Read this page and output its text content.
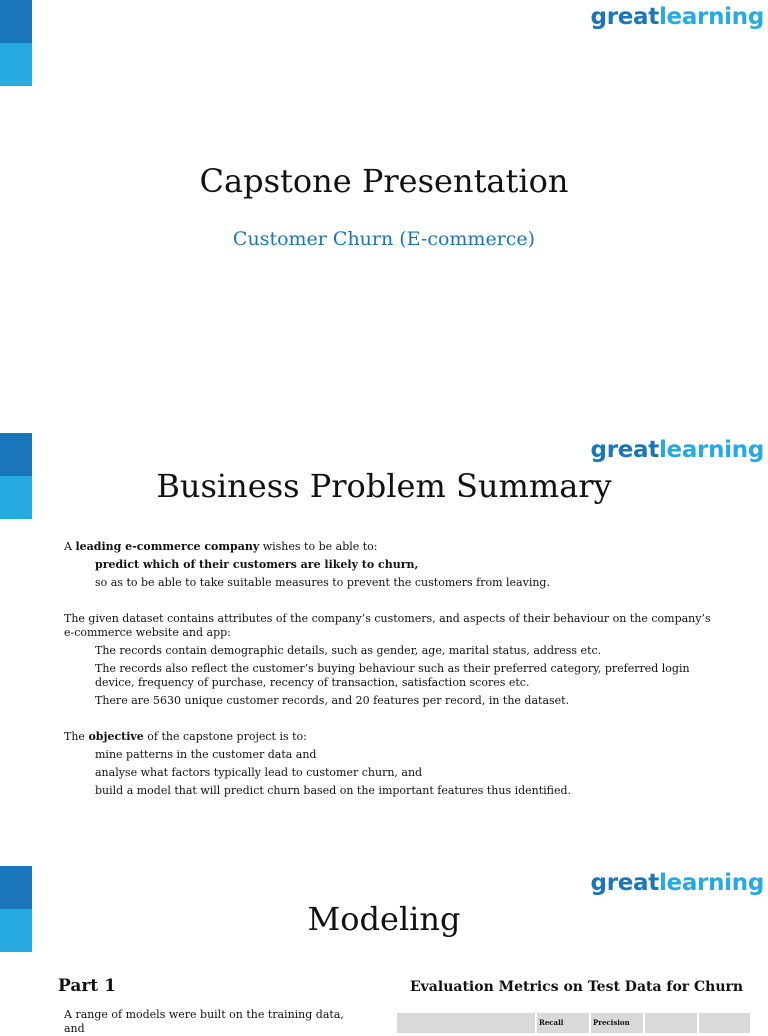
greatlearning
Capstone Presentation
Customer Churn (E-commerce)
greatlearning
Business Problem Summary

A leading e-commerce company wishes to be able to:

predict which of their customers are likely to churn,

so as to be able to take suitable measures to prevent the customers from leaving.

The given dataset contains attributes of the company’s customers, and aspects of their behaviour on the company’s e-commerce website and app:

The records contain demographic details, such as gender, age, marital status, address etc.

The records also reflect the customer’s buying behaviour such as their preferred category, preferred login device, frequency of purchase, recency of transaction, satisfaction scores etc.

There are 5630 unique customer records, and 20 features per record, in the dataset.

The objective of the capstone project is to:

mine patterns in the customer data and

analyse what factors typically lead to customer churn, and

build a model that will predict churn based on the important features thus identified.

greatlearning
Modeling
Part 1
A range of models were built on the training data, and
Evaluation Metrics on Test Data for Churn
Recall	Precision
